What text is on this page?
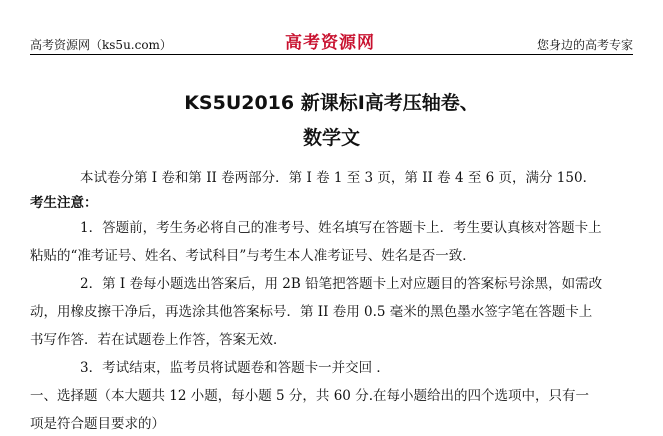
高考资源网（ks5u.com）	高考资源网	您身边的高考专家
KS5U2016 新课标Ⅰ高考压轴卷、
数学文
本试卷分第 I 卷和第 II 卷两部分．第 I 卷 1 至 3 页，第 II 卷 4 至 6 页，满分 150．
考生注意：
1．答题前，考生务必将自己的准考号、姓名填写在答题卡上．考生要认真核对答题卡上
粘贴的“准考证号、姓名、考试科目”与考生本人准考证号、姓名是否一致．
2．第 I 卷每小题选出答案后，用 2B 铅笔把答题卡上对应题目的答案标号涂黑，如需改
动，用橡皮擦干净后，再选涂其他答案标号．第 II 卷用 0.5 毫米的黑色墨水签字笔在答题卡上
书写作答．若在试题卷上作答，答案无效．
3．考试结束，监考员将试题卷和答题卡一并交回 ．
一、选择题（本大题共 12 小题，每小题 5 分，共 60 分.在每小题给出的四个选项中，只有一
项是符合题目要求的）
